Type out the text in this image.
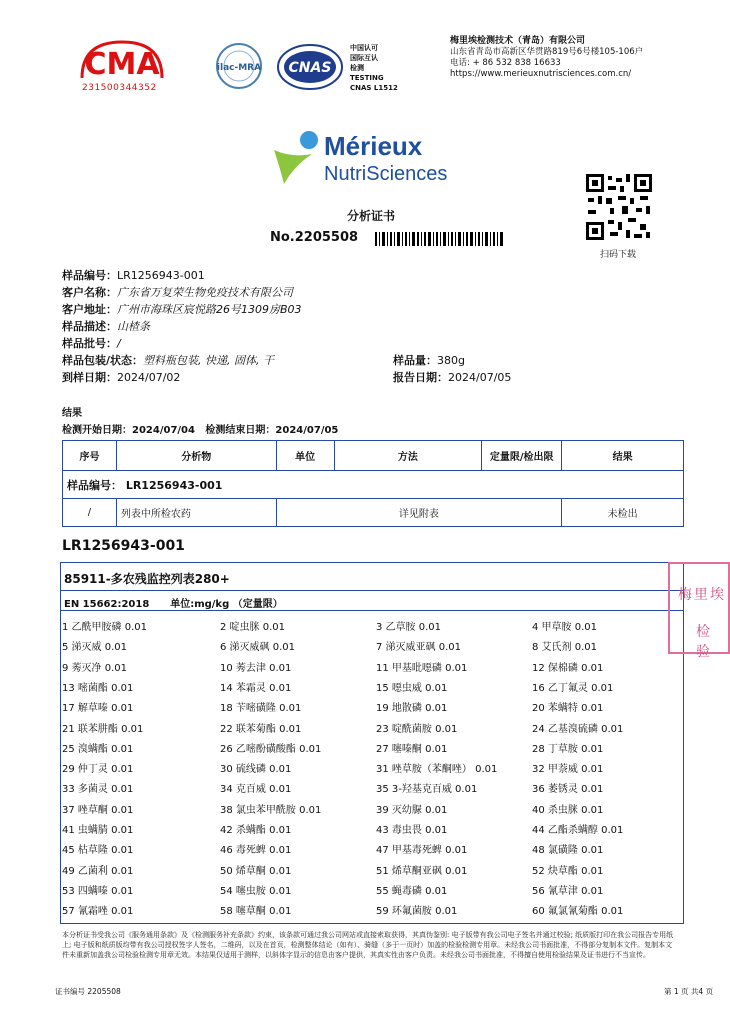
CMA
231500344352
ilac-MRA CNAS
中国认可
国际互认
检测
TESTING
CNAS L1512
梅里埃检测技术（青岛）有限公司
山东省青岛市高新区华贯路819号6号楼105-106户
电话: + 86 532 838 16633
https://www.merieuxnutrisciences.com.cn/
Mérieux
NutriSciences
扫码下载
分析证书
No.2205508
样品编号：LR1256943-001
客户名称：广东省万复荣生物免疫技术有限公司
客户地址：广州市海珠区宸悦路26号1309房B03
样品描述：山楂条
样品批号：/
样品包装/状态：塑料瓶包装, 快递, 固体, 干	样品量：380g
到样日期：2024/07/02	报告日期：2024/07/05
结果
检测开始日期：2024/07/04 检测结束日期：2024/07/05
序号	分析物	单位	方法	定量限/检出限	结果
样品编号： LR1256943-001					
/	列表中所检农药	详见附表			未检出
LR1256943-001
85911-多农残监控列表280+
EN 15662:2018 单位:mg/kg （定量限）
梅里埃
检验
1 乙酰甲胺磷 0.01	2 啶虫脒 0.01	3 乙草胺 0.01	4 甲草胺 0.01
5 涕灭威 0.01	6 涕灭威砜 0.01	7 涕灭威亚砜 0.01	8 艾氏剂 0.01
9 莠灭净 0.01	10 莠去津 0.01	11 甲基吡噁磷 0.01	12 保棉磷 0.01
13 嘧菌酯 0.01	14 苯霜灵 0.01	15 噁虫威 0.01	16 乙丁氟灵 0.01
17 解草嗪 0.01	18 苄嘧磺隆 0.01	19 地散磷 0.01	20 苯螨特 0.01
21 联苯肼酯 0.01	22 联苯菊酯 0.01	23 啶酰菌胺 0.01	24 乙基溴硫磷 0.01
25 溴螨酯 0.01	26 乙嘧酚磺酸酯 0.01	27 噻嗪酮 0.01	28 丁草胺 0.01
29 仲丁灵 0.01	30 硫线磷 0.01	31 唑草胺（苯酮唑） 0.01	32 甲萘威 0.01
33 多菌灵 0.01	34 克百威 0.01	35 3-羟基克百威 0.01	36 萎锈灵 0.01
37 唑草酮 0.01	38 氯虫苯甲酰胺 0.01	39 灭幼脲 0.01	40 杀虫脒 0.01
41 虫螨腈 0.01	42 杀螨酯 0.01	43 毒虫畏 0.01	44 乙酯杀螨醇 0.01
45 枯草隆 0.01	46 毒死蜱 0.01	47 甲基毒死蜱 0.01	48 氯磺隆 0.01
49 乙菌利 0.01	50 烯草酮 0.01	51 烯草酮亚砜 0.01	52 炔草酯 0.01
53 四螨嗪 0.01	54 噻虫胺 0.01	55 蝇毒磷 0.01	56 氰草津 0.01
57 氰霜唑 0.01	58 噻草酮 0.01	59 环氟菌胺 0.01	60 氟氯氰菊酯 0.01
本分析证书受我公司《服务通用条款》及《检测服务补充条款》约束，该条款可通过我公司网站或直接索取获得，其真伪鉴别: 电子版带有我公司电子签名并通过校验; 纸质版打印在我公司报告专用纸上; 电子版和纸质版均带有我公司授权签字人签名，二维码，以及在首页，检测整体结论（如有）、骑缝（多于一页时）加盖的检验检测专用章。未经我公司书面批准，不得部分复制本文件。复制本文件未重新加盖我公司检验检测专用章无效。本结果仅适用于测样，以斜体字显示的信息由客户提供，其真实性由客户负责。未经我公司书面批准，不得擅自使用检验结果及证书进行不当宣传。
证书编号 2205508	第 1 页 共4 页
